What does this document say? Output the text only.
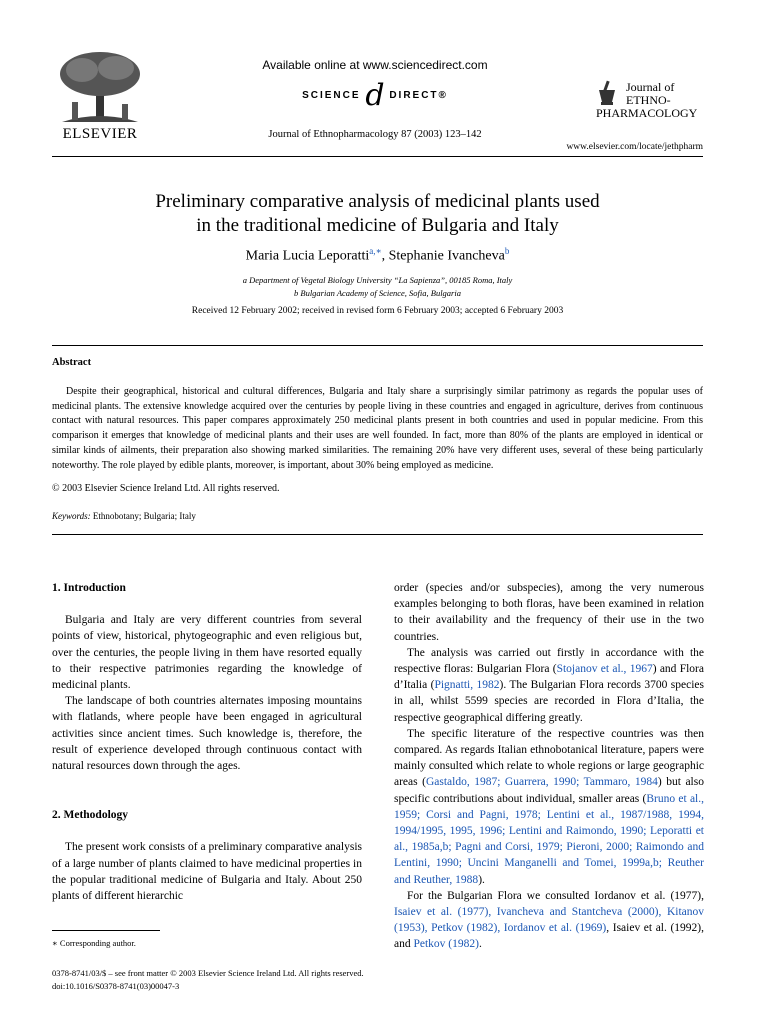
ELSEVIER
Available online at www.sciencedirect.com
SCIENCE d DIRECT®
Journal of Ethnopharmacology 87 (2003) 123–142
Journal of
ETHNO-
PHARMACOLOGY
www.elsevier.com/locate/jethpharm
Preliminary comparative analysis of medicinal plants used
in the traditional medicine of Bulgaria and Italy
Maria Lucia Leporatti$^{a,∗}$, Stephanie Ivancheva$^b$
a Department of Vegetal Biology University “La Sapienza”, 00185 Roma, Italy
b Bulgarian Academy of Science, Sofia, Bulgaria
Received 12 February 2002; received in revised form 6 February 2003; accepted 6 February 2003
Abstract
Despite their geographical, historical and cultural differences, Bulgaria and Italy share a surprisingly similar patrimony as regards the popular uses of medicinal plants. The extensive knowledge acquired over the centuries by people living in these countries and engaged in agriculture, derives from continuous contact with natural resources. This paper compares approximately 250 medicinal plants present in both countries and used in popular medicine. From this comparison it emerges that knowledge of medicinal plants and their uses are well founded. In fact, more than 80% of the plants are employed in identical or similar kinds of ailments, their preparation also showing marked similarities. The remaining 20% have very different uses, several of these being particularly noteworthy. The role played by edible plants, moreover, is important, about 30% being employed as medicine.
© 2003 Elsevier Science Ireland Ltd. All rights reserved.
Keywords: Ethnobotany; Bulgaria; Italy
1. Introduction

Bulgaria and Italy are very different countries from several points of view, historical, phytogeographic and even religious but, over the centuries, the people living in them have resorted equally to their respective patrimonies regarding the knowledge of medicinal plants.

The landscape of both countries alternates imposing mountains with flatlands, where people have been engaged in agricultural activities since ancient times. Such knowledge is, therefore, the result of experience developed through continuous contact with natural resources down through the ages.

2. Methodology

The present work consists of a preliminary comparative analysis of a large number of plants claimed to have medicinal properties in the popular traditional medicine of Bulgaria and Italy. About 250 plants of different hierarchic

order (species and/or subspecies), among the very numerous examples belonging to both floras, have been examined in relation to their availability and the frequency of their use in the two countries.

The analysis was carried out firstly in accordance with the respective floras: Bulgarian Flora (Stojanov et al., 1967) and Flora d’Italia (Pignatti, 1982). The Bulgarian Flora records 3700 species in all, whilst 5599 species are recorded in Flora d’Italia, the respective geographical differing greatly.

The specific literature of the respective countries was then compared. As regards Italian ethnobotanical literature, papers were mainly consulted which relate to whole regions or large geographic areas (Gastaldo, 1987; Guarrera, 1990; Tammaro, 1984) but also specific contributions about individual, smaller areas (Bruno et al., 1959; Corsi and Pagni, 1978; Lentini et al., 1987/1988, 1994, 1994/1995, 1995, 1996; Lentini and Raimondo, 1990; Leporatti et al., 1985a,b; Pagni and Corsi, 1979; Pieroni, 2000; Raimondo and Lentini, 1990; Uncini Manganelli and Tomei, 1999a,b; Reuther and Reuther, 1988).

For the Bulgarian Flora we consulted Iordanov et al. (1977), Isaiev et al. (1977), Ivancheva and Stantcheva (2000), Kitanov (1953), Petkov (1982), Iordanov et al. (1969), Isaiev et al. (1992), and Petkov (1982).

∗ Corresponding author.
0378-8741/03/$ – see front matter © 2003 Elsevier Science Ireland Ltd. All rights reserved.
doi:10.1016/S0378-8741(03)00047-3
